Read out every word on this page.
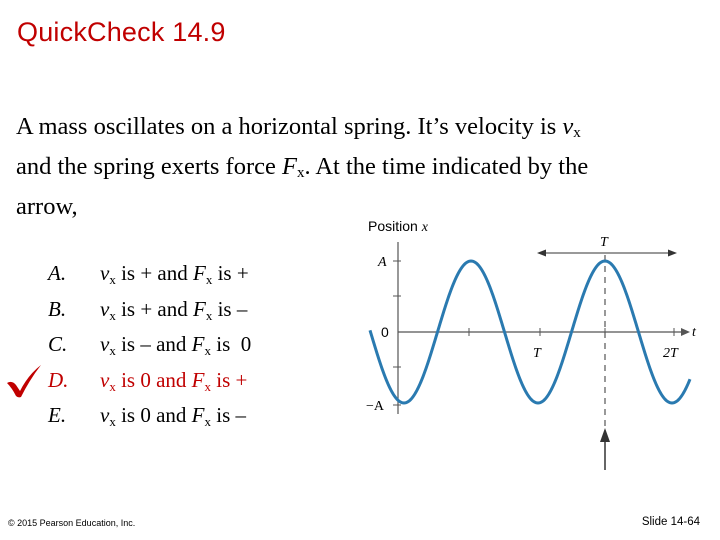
QuickCheck 14.9
A mass oscillates on a horizontal spring. It’s velocity is $v_x$
and the spring exerts force $F_x$. At the time indicated by the
arrow,
A. $v_x$ is + and $F_x$ is +
B. $v_x$ is + and $F_x$ is –
C. $v_x$ is – and $F_x$ is  0
D. $v_x$ is 0 and $F_x$ is +
E. $v_x$ is 0 and $F_x$ is –
Position x
A
0
−A
T	2T
t
T
© 2015 Pearson Education, Inc.	Slide 14-64
